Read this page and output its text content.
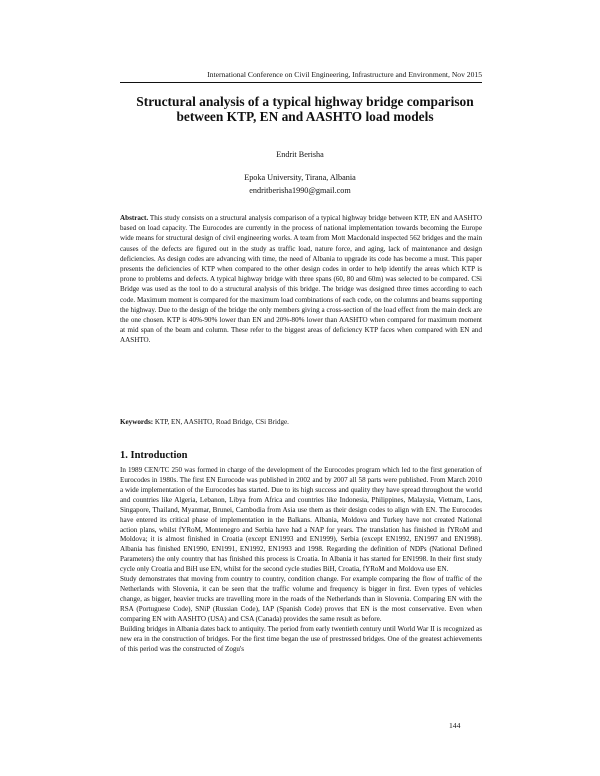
International Conference on Civil Engineering, Infrastructure and Environment, Nov 2015
Structural analysis of a typical highway bridge comparison
between KTP, EN and AASHTO load models
Endrit Berisha
Epoka University, Tirana, Albania
endritberisha1990@gmail.com
Abstract. This study consists on a structural analysis comparison of a typical highway bridge between KTP, EN and AASHTO based on load capacity. The Eurocodes are currently in the process of national implementation towards becoming the Europe wide means for structural design of civil engineering works. A team from Mott Macdonald inspected 562 bridges and the main causes of the defects are figured out in the study as traffic load, nature force, and aging, lack of maintenance and design deficiencies. As design codes are advancing with time, the need of Albania to upgrade its code has become a must. This paper presents the deficiencies of KTP when compared to the other design codes in order to help identify the areas which KTP is prone to problems and defects. A typical highway bridge with three spans (60, 80 and 60m) was selected to be compared. CSi Bridge was used as the tool to do a structural analysis of this bridge. The bridge was designed three times according to each code. Maximum moment is compared for the maximum load combinations of each code, on the columns and beams supporting the highway. Due to the design of the bridge the only members giving a cross-section of the load effect from the main deck are the one chosen. KTP is 40%-90% lower than EN and 20%-80% lower than AASHTO when compared for maximum moment at mid span of the beam and column. These refer to the biggest areas of deficiency KTP faces when compared with EN and AASHTO.
Keywords: KTP, EN, AASHTO, Road Bridge, CSi Bridge.
1. Introduction

In 1989 CEN/TC 250 was formed in charge of the development of the Eurocodes program which led to the first generation of Eurocodes in 1980s. The first EN Eurocode was published in 2002 and by 2007 all 58 parts were published. From March 2010 a wide implementation of the Eurocodes has started. Due to its high success and quality they have spread throughout the world and countries like Algeria, Lebanon, Libya from Africa and countries like Indonesia, Philippines, Malaysia, Vietnam, Laos, Singapore, Thailand, Myanmar, Brunei, Cambodia from Asia use them as their design codes to align with EN. The Eurocodes have entered its critical phase of implementation in the Balkans. Albania, Moldova and Turkey have not created National action plans, whilst fYRoM, Montenegro and Serbia have had a NAP for years. The translation has finished in fYRoM and Moldova; it is almost finished in Croatia (except EN1993 and EN1999), Serbia (except EN1992, EN1997 and EN1998). Albania has finished EN1990, EN1991, EN1992, EN1993 and 1998. Regarding the definition of NDPs (National Defined Parameters) the only country that has finished this process is Croatia. In Albania it has started for EN1998. In their first study cycle only Croatia and BiH use EN, whilst for the second cycle studies BiH, Croatia, fYRoM and Moldova use EN.

Study demonstrates that moving from country to country, condition change. For example comparing the flow of traffic of the Netherlands with Slovenia, it can be seen that the traffic volume and frequency is bigger in first. Even types of vehicles change, as bigger, heavier trucks are travelling more in the roads of the Netherlands than in Slovenia. Comparing EN with the RSA (Portuguese Code), SNiP (Russian Code), IAP (Spanish Code) proves that EN is the most conservative. Even when comparing EN with AASHTO (USA) and CSA (Canada) provides the same result as before.

Building bridges in Albania dates back to antiquity. The period from early twentieth century until World War II is recognized as new era in the construction of bridges. For the first time began the use of prestressed bridges. One of the greatest achievements of this period was the constructed of Zogu's

144
